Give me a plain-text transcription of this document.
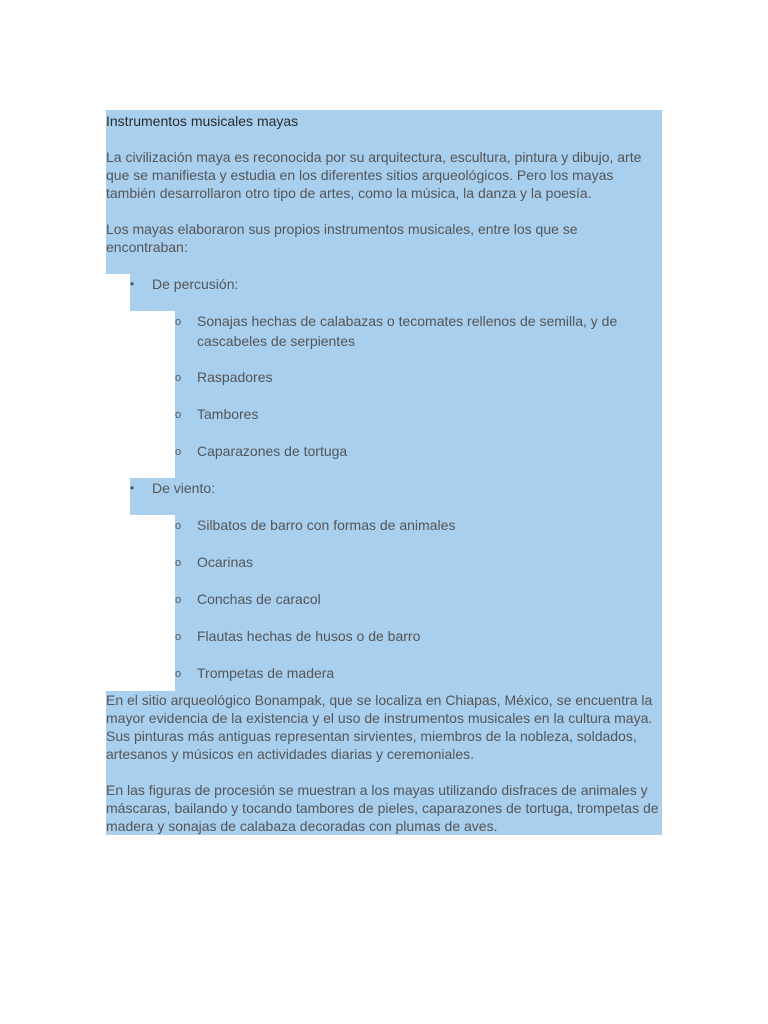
Instrumentos musicales mayas
La civilización maya es reconocida por su arquitectura, escultura, pintura y dibujo, arte que se manifiesta y estudia en los diferentes sitios arqueológicos. Pero los mayas también desarrollaron otro tipo de artes, como la música, la danza y la poesía.
Los mayas elaboraron sus propios instrumentos musicales, entre los que se encontraban:
•	De percusión:
o Sonajas hechas de calabazas o tecomates rellenos de semilla, y de cascabeles de serpientes
o Raspadores
o Tambores
o Caparazones de tortuga
•	De viento:
o Silbatos de barro con formas de animales
o Ocarinas
o Conchas de caracol
o Flautas hechas de husos o de barro
o Trompetas de madera
En el sitio arqueológico Bonampak, que se localiza en Chiapas, México, se encuentra la mayor evidencia de la existencia y el uso de instrumentos musicales en la cultura maya. Sus pinturas más antiguas representan sirvientes, miembros de la nobleza, soldados, artesanos y músicos en actividades diarias y ceremoniales.
En las figuras de procesión se muestran a los mayas utilizando disfraces de animales y máscaras, bailando y tocando tambores de pieles, caparazones de tortuga, trompetas de madera y sonajas de calabaza decoradas con plumas de aves.
